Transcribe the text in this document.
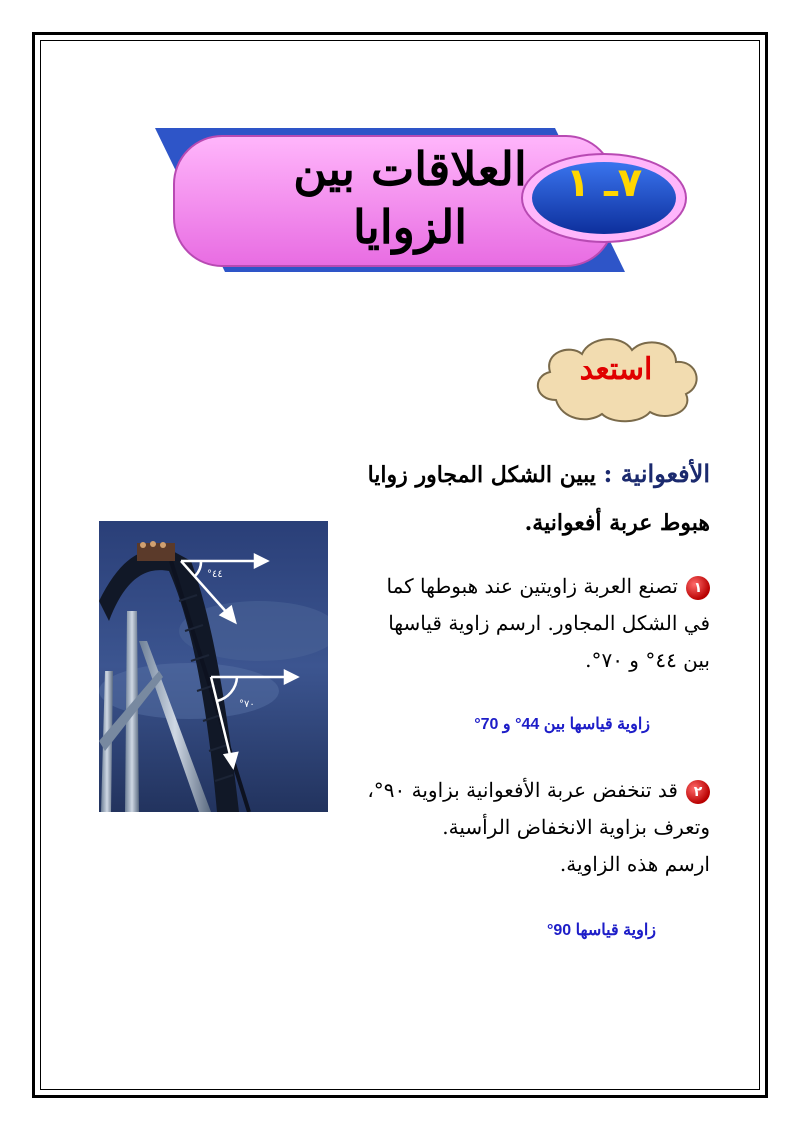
العلاقات بين
الزوايا
٧ـ ١
استعد
الأفعوانية : يبين الشكل المجاور زوايا
هبوط عربة أفعوانية.
°٤٤
°٧٠
١تصنع العربة زاويتين عند هبوطها كما
في الشكل المجاور. ارسم زاوية قياسها
بين ٤٤° و ٧٠°.
زاوية قياسها بين 44° و 70°
٢قد تنخفض عربة الأفعوانية بزاوية ٩٠°،
وتعرف بزاوية الانخفاض الرأسية.
ارسم هذه الزاوية.
زاوية قياسها 90°
